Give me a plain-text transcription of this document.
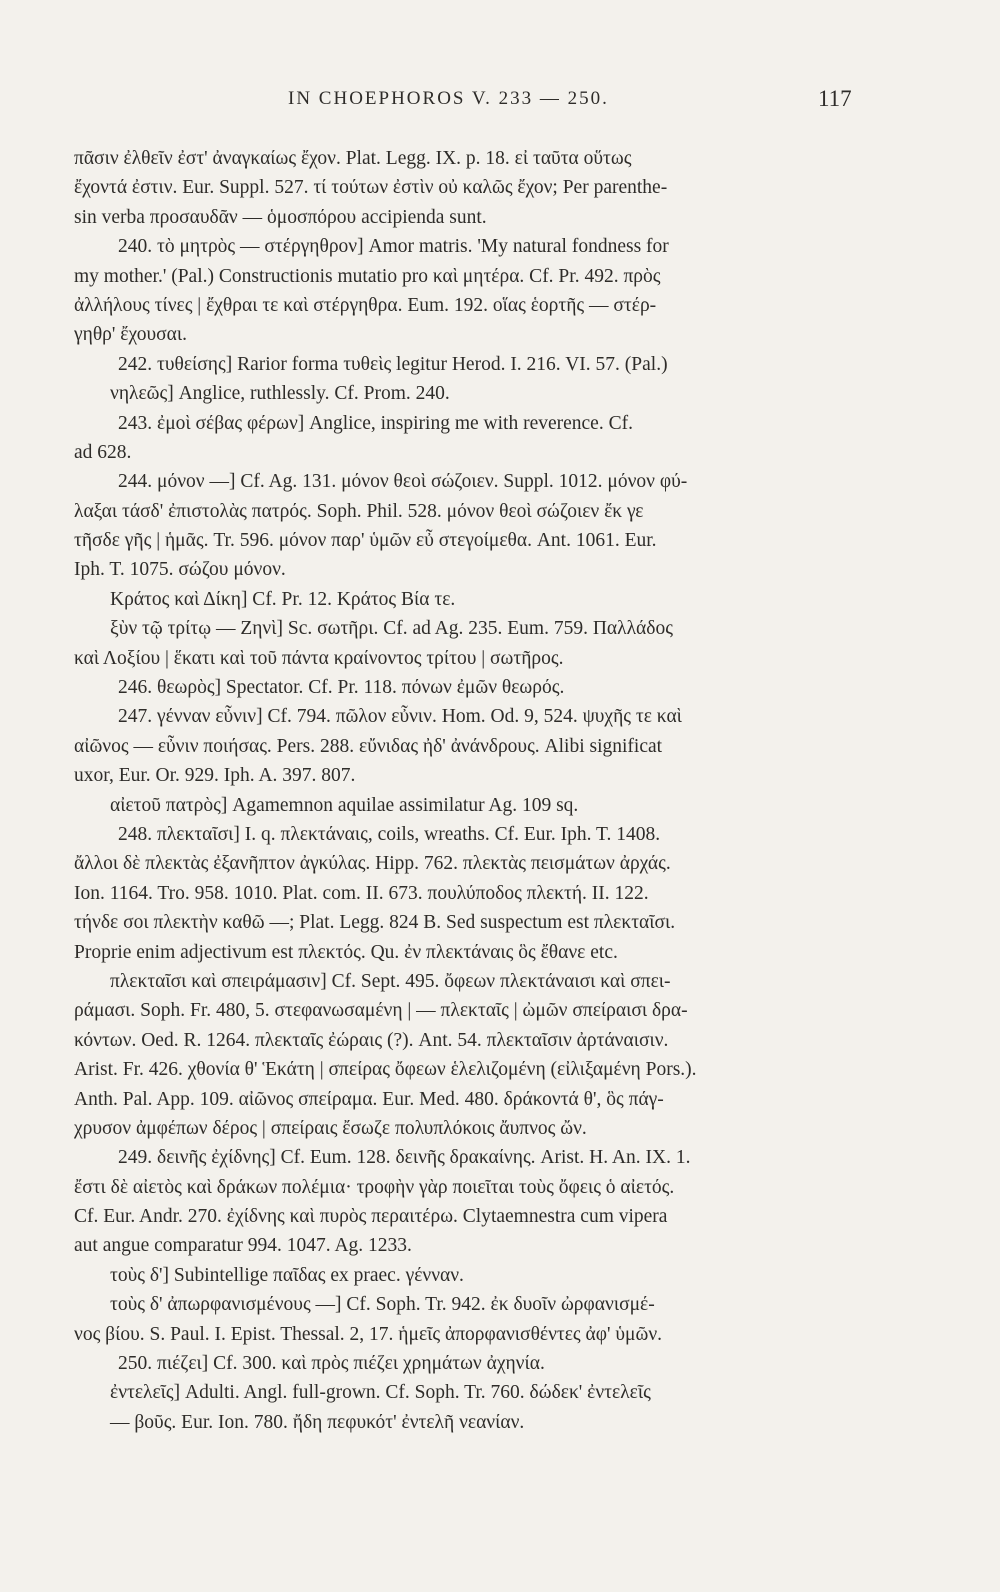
IN CHOEPHOROS V. 233 — 250.	117
πᾶσιν ἐλθεῖν ἐστ' ἀναγκαίως ἔχον. Plat. Legg. IX. p. 18. εἰ ταῦτα οὕτως
ἔχοντά ἐστιν. Eur. Suppl. 527. τί τούτων ἐστὶν οὐ καλῶς ἔχον; Per parenthe-
sin verba προσαυδᾶν — ὁμοσπόρου accipienda sunt.
240. τὸ μητρὸς — στέργηθρον] Amor matris. 'My natural fondness for
my mother.' (Pal.) Constructionis mutatio pro καὶ μητέρα. Cf. Pr. 492. πρὸς
ἀλλήλους τίνες | ἔχθραι τε καὶ στέργηθρα. Eum. 192. οἵας ἑορτῆς — στέρ-
γηθρ' ἔχουσαι.
242. τυθείσης] Rarior forma τυθεὶς legitur Herod. I. 216. VI. 57. (Pal.)
νηλεῶς] Anglice, ruthlessly. Cf. Prom. 240.
243. ἐμοὶ σέβας φέρων] Anglice, inspiring me with reverence. Cf.
ad 628.
244. μόνον —] Cf. Ag. 131. μόνον θεοὶ σώζοιεν. Suppl. 1012. μόνον φύ-
λαξαι τάσδ' ἐπιστολὰς πατρός. Soph. Phil. 528. μόνον θεοὶ σώζοιεν ἔκ γε
τῆσδε γῆς | ἡμᾶς. Tr. 596. μόνον παρ' ὑμῶν εὖ στεγοίμεθα. Ant. 1061. Eur.
Iph. T. 1075. σώζου μόνον.
Κράτος καὶ Δίκη] Cf. Pr. 12. Κράτος Βία τε.
ξὺν τῷ τρίτῳ — Ζηνὶ] Sc. σωτῆρι. Cf. ad Ag. 235. Eum. 759. Παλλάδος
καὶ Λοξίου | ἕκατι καὶ τοῦ πάντα κραίνοντος τρίτου | σωτῆρος.
246. θεωρὸς] Spectator. Cf. Pr. 118. πόνων ἐμῶν θεωρός.
247. γένναν εὖνιν] Cf. 794. πῶλον εὖνιν. Hom. Od. 9, 524. ψυχῆς τε καὶ
αἰῶνος — εὖνιν ποιήσας. Pers. 288. εὔνιδας ἠδ' ἀνάνδρους. Alibi significat
uxor, Eur. Or. 929. Iph. A. 397. 807.
αἰετοῦ πατρὸς] Agamemnon aquilae assimilatur Ag. 109 sq.
248. πλεκταῖσι] I. q. πλεκτάναις, coils, wreaths. Cf. Eur. Iph. T. 1408.
ἄλλοι δὲ πλεκτὰς ἐξανῆπτον ἀγκύλας. Hipp. 762. πλεκτὰς πεισμάτων ἀρχάς.
Ion. 1164. Tro. 958. 1010. Plat. com. II. 673. πουλύποδος πλεκτή. II. 122.
τήνδε σοι πλεκτὴν καθῶ —; Plat. Legg. 824 B. Sed suspectum est πλεκταῖσι.
Proprie enim adjectivum est πλεκτός. Qu. ἐν πλεκτάναις ὃς ἔθανε etc.
πλεκταῖσι καὶ σπειράμασιν] Cf. Sept. 495. ὄφεων πλεκτάναισι καὶ σπει-
ράμασι. Soph. Fr. 480, 5. στεφανωσαμένη | — πλεκταῖς | ὠμῶν σπείραισι δρα-
κόντων. Oed. R. 1264. πλεκταῖς ἐώραις (?). Ant. 54. πλεκταῖσιν ἀρτάναισιν.
Arist. Fr. 426. χθονία θ' Ἑκάτη | σπείρας ὄφεων ἑλελιζομένη (εἰλιξαμένη Pors.).
Anth. Pal. App. 109. αἰῶνος σπείραμα. Eur. Med. 480. δράκοντά θ', ὃς πάγ-
χρυσον ἀμφέπων δέρος | σπείραις ἔσωζε πολυπλόκοις ἄυπνος ὤν.
249. δεινῆς ἐχίδνης] Cf. Eum. 128. δεινῆς δρακαίνης. Arist. H. An. IX. 1.
ἔστι δὲ αἰετὸς καὶ δράκων πολέμια· τροφὴν γὰρ ποιεῖται τοὺς ὄφεις ὁ αἰετός.
Cf. Eur. Andr. 270. ἐχίδνης καὶ πυρὸς περαιτέρω. Clytaemnestra cum vipera
aut angue comparatur 994. 1047. Ag. 1233.
τοὺς δ'] Subintellige παῖδας ex praec. γένναν.
τοὺς δ' ἀπωρφανισμένους —] Cf. Soph. Tr. 942. ἐκ δυοῖν ὠρφανισμέ-
νος βίου. S. Paul. I. Epist. Thessal. 2, 17. ἡμεῖς ἀπορφανισθέντες ἀφ' ὑμῶν.
250. πιέζει] Cf. 300. καὶ πρὸς πιέζει χρημάτων ἀχηνία.
ἐντελεῖς] Adulti. Angl. full-grown. Cf. Soph. Tr. 760. δώδεκ' ἐντελεῖς
— βοῦς. Eur. Ion. 780. ἤδη πεφυκότ' ἐντελῆ νεανίαν.
